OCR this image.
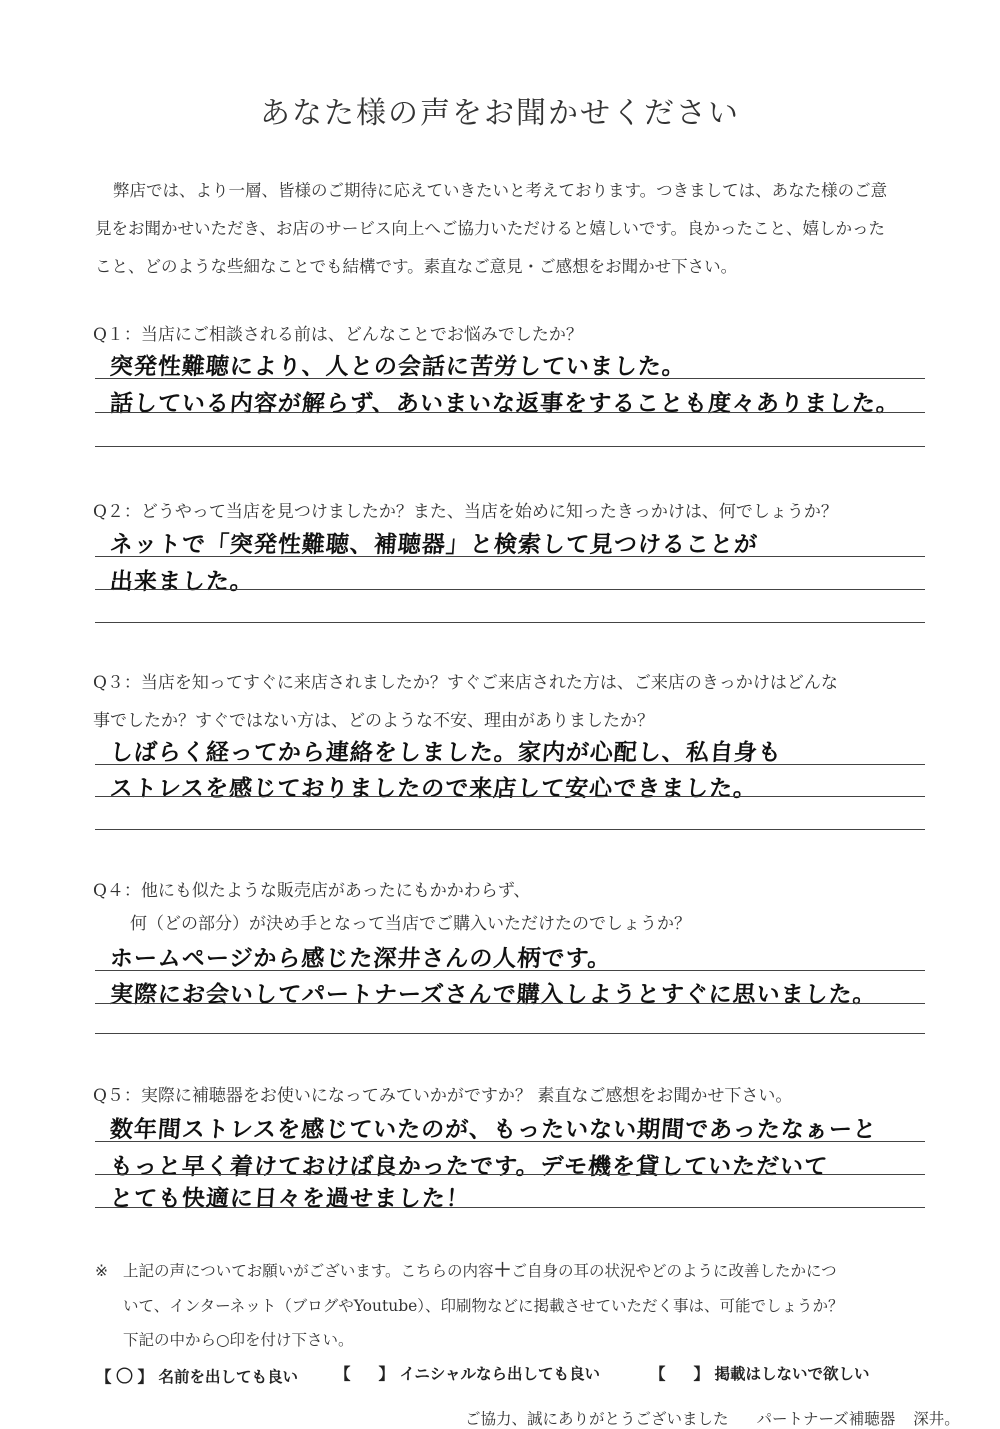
あなた様の声をお聞かせください
弊店では、より一層、皆様のご期待に応えていきたいと考えております。つきましては、あなた様のご意
見をお聞かせいただき、お店のサービス向上へご協力いただけると嬉しいです。良かったこと、嬉しかった
こと、どのような些細なことでも結構です。素直なご意見・ご感想をお聞かせ下さい。
Q１：当店にご相談される前は、どんなことでお悩みでしたか？
突発性難聴により、人との会話に苦労していました。
話している内容が解らず、あいまいな返事をすることも度々ありました。
Q２：どうやって当店を見つけましたか？また、当店を始めに知ったきっかけは、何でしょうか？
ネットで「突発性難聴、補聴器」と検索して見つけることが
出来ました。
Q３：当店を知ってすぐに来店されましたか？すぐご来店された方は、ご来店のきっかけはどんな
事でしたか？すぐではない方は、どのような不安、理由がありましたか？
しばらく経ってから連絡をしました。家内が心配し、私自身も
ストレスを感じておりましたので来店して安心できました。
Q４：他にも似たような販売店があったにもかかわらず、
何（どの部分）が決め手となって当店でご購入いただけたのでしょうか？
ホームページから感じた深井さんの人柄です。
実際にお会いしてパートナーズさんで購入しようとすぐに思いました。
Q５：実際に補聴器をお使いになってみていかがですか？ 素直なご感想をお聞かせ下さい。
数年間ストレスを感じていたのが、もったいない期間であったなぁーと
もっと早く着けておけば良かったです。デモ機を貸していただいて
とても快適に日々を過せました！
※ 上記の声についてお願いがございます。こちらの内容＋ご自身の耳の状況やどのように改善したかにつ
いて、インターネット（ブログやYoutube）、印刷物などに掲載させていただく事は、可能でしょうか？
下記の中から○印を付け下さい。
【 〇 】 名前を出しても良い 【 】 イニシャルなら出しても良い	【 】 掲載はしないで欲しい
ご協力、誠にありがとうございました パートナーズ補聴器 深井。
